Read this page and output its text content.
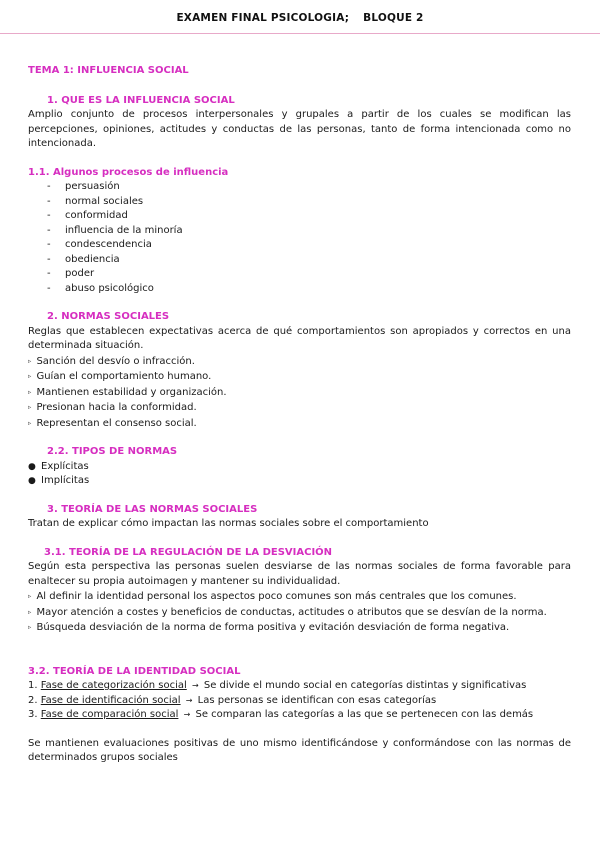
EXAMEN FINAL PSICOLOGIA; BLOQUE 2
TEMA 1: INFLUENCIA SOCIAL
1. QUE ES LA INFLUENCIA SOCIAL

Amplio conjunto de procesos interpersonales y grupales a partir de los cuales se modifican las percepciones, opiniones, actitudes y conductas de las personas, tanto de forma intencionada como no intencionada.

1.1. Algunos procesos de influencia
- persuasión
- normal sociales
- conformidad
- influencia de la minoría
- condescendencia
- obediencia
- poder
- abuso psicológico
2. NORMAS SOCIALES

Reglas que establecen expectativas acerca de qué comportamientos son apropiados y correctos en una determinada situación.

▹ Sanción del desvío o infracción.
▹ Guían el comportamiento humano.
▹ Mantienen estabilidad y organización.
▹ Presionan hacia la conformidad.
▹ Representan el consenso social.
2.2. TIPOS DE NORMAS
● Explícitas
● Implícitas
3. TEORÍA DE LAS NORMAS SOCIALES

Tratan de explicar cómo impactan las normas sociales sobre el comportamiento

3.1. TEORÍA DE LA REGULACIÓN DE LA DESVIACIÓN

Según esta perspectiva las personas suelen desviarse de las normas sociales de forma favorable para enaltecer su propia autoimagen y mantener su individualidad.

▹ Al definir la identidad personal los aspectos poco comunes son más centrales que los comunes.
▹ Mayor atención a costes y beneficios de conductas, actitudes o atributos que se desvían de la norma.
▹ Búsqueda desviación de la norma de forma positiva y evitación desviación de forma negativa.
3.2. TEORÍA DE LA IDENTIDAD SOCIAL
1. Fase de categorización social → Se divide el mundo social en categorías distintas y significativas
2. Fase de identificación social → Las personas se identifican con esas categorías
3. Fase de comparación social → Se comparan las categorías a las que se pertenecen con las demás

Se mantienen evaluaciones positivas de uno mismo identificándose y conformándose con las normas de determinados grupos sociales
